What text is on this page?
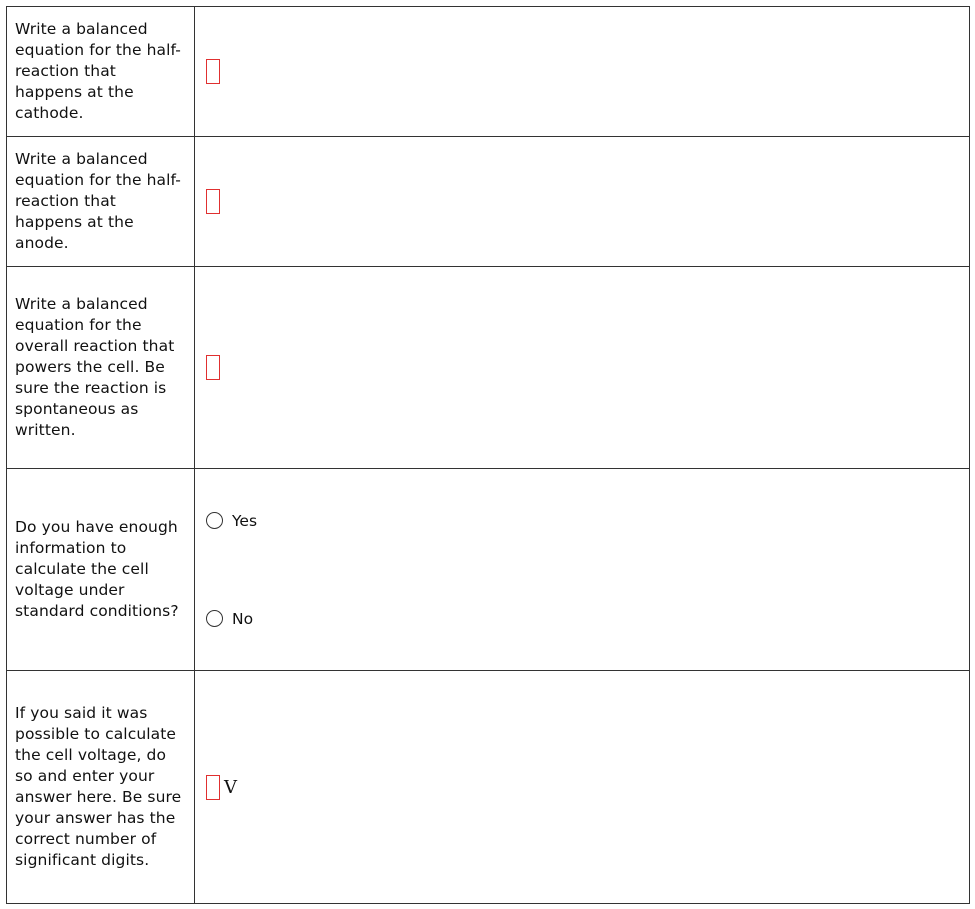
Write a balanced equation for the half-reaction that happens at the cathode.	
Write a balanced equation for the half-reaction that happens at the anode.	
Write a balanced equation for the overall reaction that powers the cell. Be sure the reaction is spontaneous as written.	
Do you have enough information to calculate the cell voltage under standard conditions?	Yes
No

If you said it was possible to calculate the cell voltage, do so and enter your answer here. Be sure your answer has the correct number of significant digits.	V
